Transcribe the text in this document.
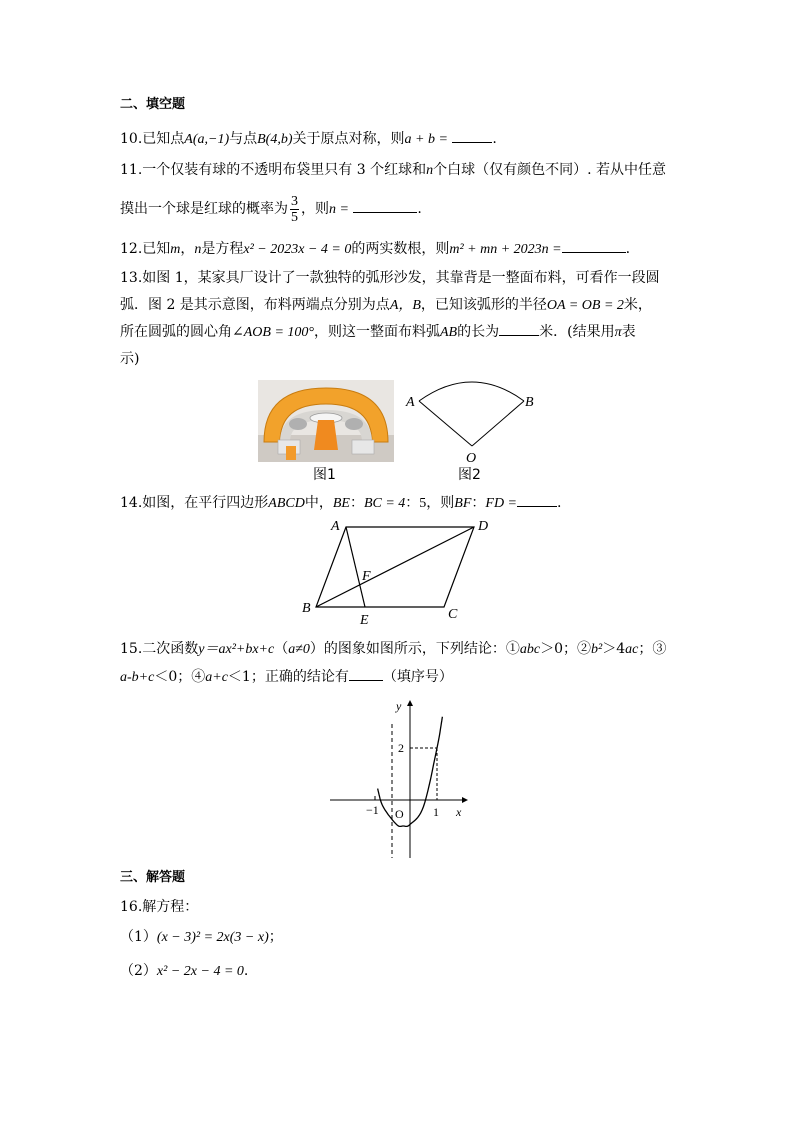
二、填空题
10.已知点A(a,−1)与点B(4,b)关于原点对称，则a + b =	.
11.一个仅装有球的不透明布袋里只有 3 个红球和n个白球（仅有颜色不同）. 若从中任意
摸出一个球是红球的概率为 $\frac{3}{5}$ ，则n =	.
12.已知m，n是方程x² − 2023x − 4 = 0的两实数根，则m² + mn + 2023n =	.
13.如图 1，某家具厂设计了一款独特的弧形沙发，其靠背是一整面布料，可看作一段圆
弧．图 2 是其示意图，布料两端点分别为点A，B，已知该弧形的半径OA = OB = 2米，
所在圆弧的圆心角∠AOB = 100°，则这一整面布料弧AB的长为	米．(结果用π表
示)
图1
A	B
O
图2
14.如图，在平行四边形ABCD中，BE：BC = 4：5，则BF：FD =	.
A	D
B	C
E
F
15.二次函数y＝ax²+bx+c（a≠0）的图象如图所示，下列结论：①abc＞0；②b²＞4ac；③
a-b+c＜0；④a+c＜1；正确的结论有 （填序号）
y
x
2
−1 O 1
三、解答题
16.解方程：
（1）(x − 3)² = 2x(3 − x)；
（2）x² − 2x − 4 = 0.
